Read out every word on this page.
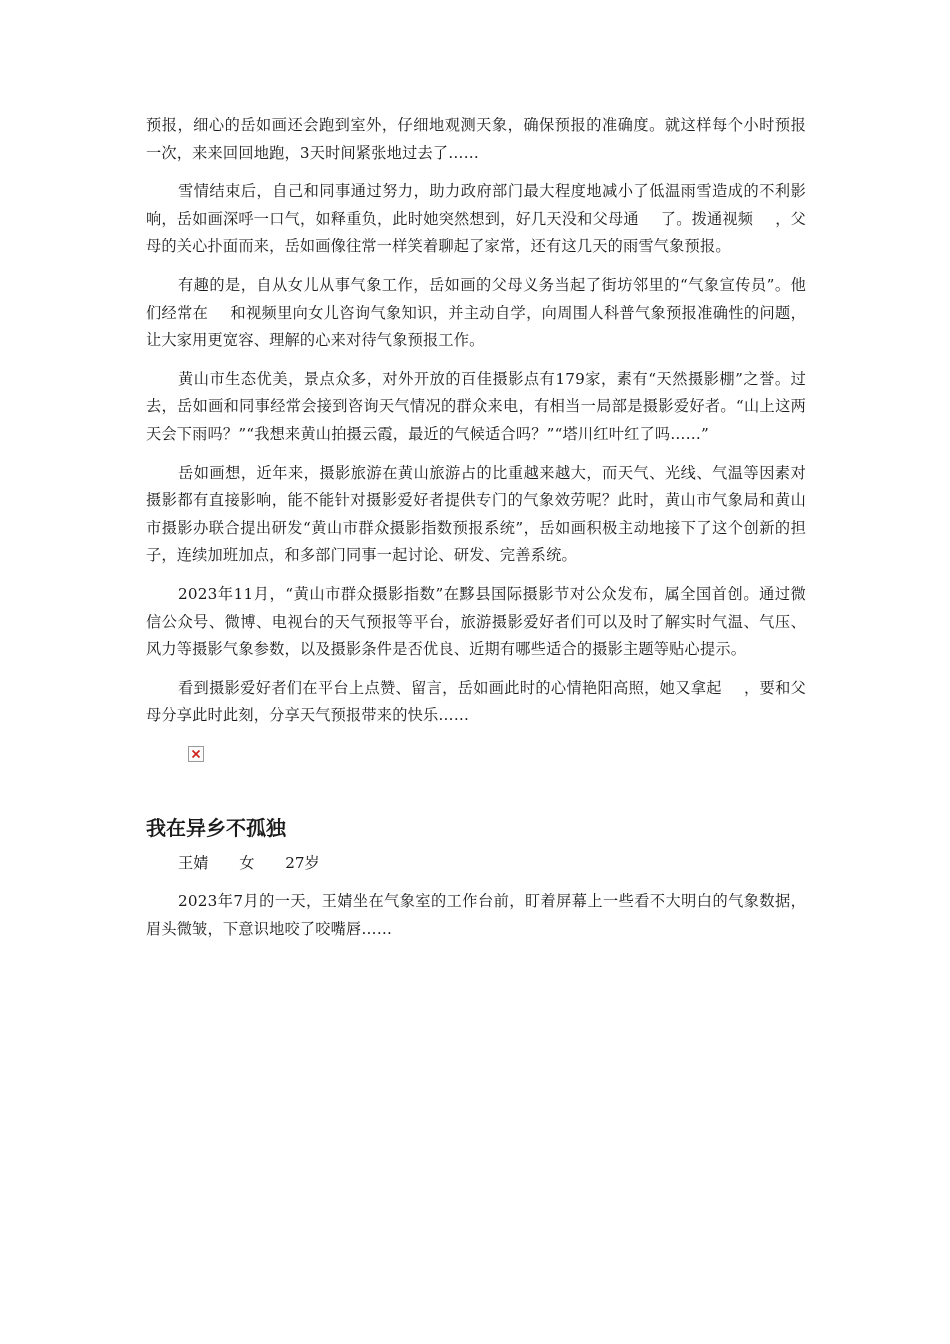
预报，细心的岳如画还会跑到室外，仔细地观测天象，确保预报的准确度。就这样每个小时预报一次，来来回回地跑，3天时间紧张地过去了……

雪情结束后，自己和同事通过努力，助力政府部门最大程度地减小了低温雨雪造成的不利影响，岳如画深呼一口气，如释重负，此时她突然想到，好几天没和父母通 了。拨通视频 ，父母的关心扑面而来，岳如画像往常一样笑着聊起了家常，还有这几天的雨雪气象预报。

有趣的是，自从女儿从事气象工作，岳如画的父母义务当起了街坊邻里的“气象宣传员”。他们经常在 和视频里向女儿咨询气象知识，并主动自学，向周围人科普气象预报准确性的问题，让大家用更宽容、理解的心来对待气象预报工作。

黄山市生态优美，景点众多，对外开放的百佳摄影点有179家，素有“天然摄影棚”之誉。过去，岳如画和同事经常会接到咨询天气情况的群众来电，有相当一局部是摄影爱好者。“山上这两天会下雨吗？”“我想来黄山拍摄云霞，最近的气候适合吗？”“塔川红叶红了吗……”

岳如画想，近年来，摄影旅游在黄山旅游占的比重越来越大，而天气、光线、气温等因素对摄影都有直接影响，能不能针对摄影爱好者提供专门的气象效劳呢？此时，黄山市气象局和黄山市摄影办联合提出研发“黄山市群众摄影指数预报系统”，岳如画积极主动地接下了这个创新的担子，连续加班加点，和多部门同事一起讨论、研发、完善系统。

2023年11月，“黄山市群众摄影指数”在黟县国际摄影节对公众发布，属全国首创。通过微信公众号、微博、电视台的天气预报等平台，旅游摄影爱好者们可以及时了解实时气温、气压、风力等摄影气象参数，以及摄影条件是否优良、近期有哪些适合的摄影主题等贴心提示。

看到摄影爱好者们在平台上点赞、留言，岳如画此时的心情艳阳高照，她又拿起 ，要和父母分享此时此刻，分享天气预报带来的快乐……

我在异乡不孤独
王婧 女 27岁

2023年7月的一天，王婧坐在气象室的工作台前，盯着屏幕上一些看不大明白的气象数据，眉头微皱，下意识地咬了咬嘴唇……
